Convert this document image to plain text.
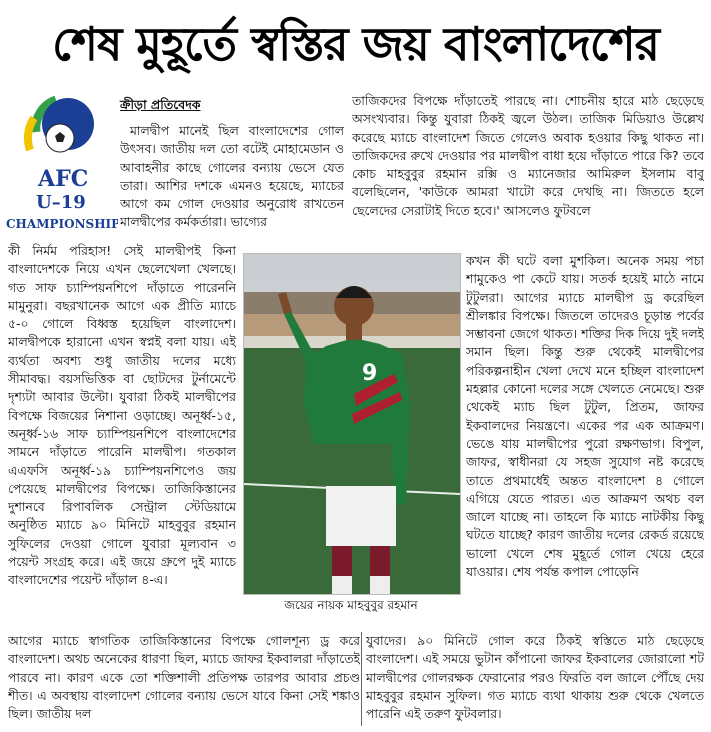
শেষ মুহূর্তে স্বস্তির জয় বাংলাদেশের
AFC
U–19
CHAMPIONSHIP
ক্রীড়া প্রতিবেদক

মালদ্বীপ মানেই ছিল বাংলাদেশের গোল উৎসব। জাতীয় দল তো বটেই মোহামেডান ও আবাহনীর কাছে গোলের বন্যায় ভেসে যেত তারা। আশির দশকে এমনও হয়েছে, ম্যাচের আগে কম গোল দেওয়ার অনুরোধ রাখতেন মালদ্বীপের কর্মকর্তারা। ভাগ্যের

কী নির্মম পরিহাস! সেই মালদ্বীপই কিনা বাংলাদেশকে নিয়ে এখন ছেলেখেলা খেলছে। গত সাফ চ্যাম্পিয়নশিপে দাঁড়াতে পারেননি মামুনুরা। বছরখানেক আগে এক প্রীতি ম্যাচে ৫-০ গোলে বিধ্বস্ত হয়েছিল বাংলাদেশ। মালদ্বীপকে হারানো এখন স্বপ্নই বলা যায়। এই ব্যর্থতা অবশ্য শুধু জাতীয় দলের মধ্যে সীমাবদ্ধ। বয়সভিত্তিক বা ছোটদের টুর্নামেন্টে দৃশ্যটা আবার উল্টো। যুবারা ঠিকই মালদ্বীপের বিপক্ষে বিজয়ের নিশানা ওড়াচ্ছে। অনূর্ধ্ব-১৫, অনূর্ধ্ব-১৬ সাফ চ্যাম্পিয়নশিপে বাংলাদেশের সামনে দাঁড়াতে পারেনি মালদ্বীপ। গতকাল এএফসি অনূর্ধ্ব-১৯ চ্যাম্পিয়নশিপেও জয় পেয়েছে মালদ্বীপের বিপক্ষে। তাজিকিস্তানের দুশানবে রিপাবলিক সেন্ট্রাল স্টেডিয়ামে অনুষ্ঠিত ম্যাচে ৯০ মিনিটে মাহবুবুর রহমান সুফিলের দেওয়া গোলে যুবারা মূল্যবান ৩ পয়েন্ট সংগ্রহ করে। এই জয়ে গ্রুপে দুই ম্যাচে বাংলাদেশের পয়েন্ট দাঁড়াল ৪-এ।

আগের ম্যাচে স্বাগতিক তাজিকিস্তানের বিপক্ষে গোলশূন্য ড্র করে বাংলাদেশ। অথচ অনেকের ধারণা ছিল, ম্যাচে জাফর ইকবালরা দাঁড়াতেই পারবে না। কারণ একে তো শক্তিশালী প্রতিপক্ষ তারপর আবার প্রচণ্ড শীত। এ অবস্থায় বাংলাদেশ গোলের বন্যায় ভেসে যাবে কিনা সেই শঙ্কাও ছিল। জাতীয় দল

তাজিকদের বিপক্ষে দাঁড়াতেই পারছে না। শোচনীয় হারে মাঠ ছেড়েছে অসংখ্যবার। কিন্তু যুবারা ঠিকই জ্বলে উঠল। তাজিক মিডিয়াও উল্লেখ করেছে ম্যাচে বাংলাদেশ জিতে গেলেও অবাক হওয়ার কিছু থাকত না। তাজিকদের রুখে দেওয়ার পর মালদ্বীপ বাধা হয়ে দাঁড়াতে পারে কি? তবে কোচ মাহবুবুর রহমান রক্সি ও ম্যানেজার আমিরুল ইসলাম বাবু বলেছিলেন, 'কাউকে আমরা খাটো করে দেখছি না। জিততে হলে ছেলেদের সেরাটাই দিতে হবে।' আসলেও ফুটবলে

কখন কী ঘটে বলা মুশকিল। অনেক সময় পচা শামুকেও পা কেটে যায়। সতর্ক হয়েই মাঠে নামে টুটুলরা। আগের ম্যাচে মালদ্বীপ ড্র করেছিল শ্রীলঙ্কার বিপক্ষে। জিতলে তাদেরও চূড়ান্ত পর্বের সম্ভাবনা জেগে থাকত। শক্তির দিক দিয়ে দুই দলই সমান ছিল। কিন্তু শুরু থেকেই মালদ্বীপের পরিকল্পনাহীন খেলা দেখে মনে হচ্ছিল বাংলাদেশ মহল্লার কোনো দলের সঙ্গে খেলতে নেমেছে। শুরু থেকেই ম্যাচ ছিল টুটুল, প্রিতম, জাফর ইকবালদের নিয়ন্ত্রণে। একের পর এক আক্রমণ। ভেঙে যায় মালদ্বীপের পুরো রক্ষণভাগ। বিপুল, জাফর, স্বাধীনরা যে সহজ সুযোগ নষ্ট করেছে তাতে প্রথমার্ধেই অন্তত বাংলাদেশ ৪ গোলে এগিয়ে যেতে পারত। এত আক্রমণ অথচ বল জালে যাচ্ছে না। তাহলে কি ম্যাচে নাটকীয় কিছু ঘটতে যাচ্ছে? কারণ জাতীয় দলের রেকর্ড রয়েছে ভালো খেলে শেষ মুহূর্তে গোল খেয়ে হেরে যাওয়ার। শেষ পর্যন্ত কপাল পোড়েনি

যুবাদের। ৯০ মিনিটে গোল করে ঠিকই স্বস্তিতে মাঠ ছেড়েছে বাংলাদেশ। এই সময়ে ভুটান কাঁপানো জাফর ইকবালের জোরালো শট মালদ্বীপের গোলরক্ষক ফেরানোর পরও ফিরতি বল জালে পৌঁছে দেয় মাহবুবুর রহমান সুফিল। গত ম্যাচে ব্যথা থাকায় শুরু থেকে খেলতে পারেনি এই তরুণ ফুটবলার।

9
জয়ের নায়ক মাহবুবুর রহমান
